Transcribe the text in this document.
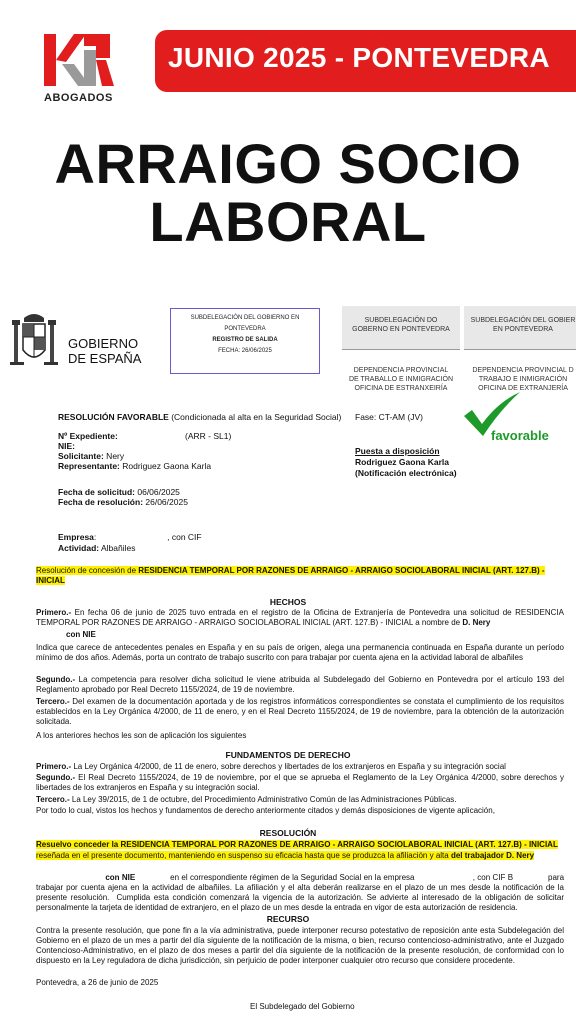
ABOGADOS
JUNIO 2025 - PONTEVEDRA
ARRAIGO SOCIO
LABORAL
GOBIERNO
DE ESPAÑA
SUBDELEGACIÓN DEL GOBIERNO EN
PONTEVEDRA
REGISTRO DE SALIDA
FECHA: 26/06/2025
SUBDELEGACIÓN DO
GOBERNO EN PONTEVEDRA
DEPENDENCIA PROVINCIAL
DE TRABALLO E INMIGRACIÓN
OFICINA DE ESTRANXEIRÍA
SUBDELEGACIÓN DEL GOBIER
EN PONTEVEDRA
DEPENDENCIA PROVINCIAL D
TRABAJO E INMIGRACIÓN
OFICINA DE EXTRANJERÍA
RESOLUCIÓN FAVORABLE (Condicionada al alta en la Seguridad Social) Fase: CT-AM (JV)
favorable
Nº Expediente:	(ARR - SL1)
NIE:
Solicitante: Nery
Representante: Rodriguez Gaona Karla
Puesta a disposición
Rodriguez Gaona Karla
(Notificación electrónica)
Fecha de solicitud: 06/06/2025
Fecha de resolución: 26/06/2025
Empresa:                              , con CIF
Actividad: Albañiles
Resolución de concesión de RESIDENCIA TEMPORAL POR RAZONES DE ARRAIGO - ARRAIGO SOCIOLABORAL INICIAL (ART. 127.B) - INICIAL
HECHOS
Primero.- En fecha 06 de junio de 2025 tuvo entrada en el registro de la Oficina de Extranjería de Pontevedra una solicitud de RESIDENCIA TEMPORAL POR RAZONES DE ARRAIGO - ARRAIGO SOCIOLABORAL INICIAL (ART. 127.B) - INICIAL a nombre de D. Nery
con NIE
Indica que carece de antecedentes penales en España y en su país de origen, alega una permanencia continuada en España durante un período mínimo de dos años. Además, porta un contrato de trabajo suscrito con para trabajar por cuenta ajena en la actividad laboral de albañiles
Segundo.- La competencia para resolver dicha solicitud le viene atribuida al Subdelegado del Gobierno en Pontevedra por el artículo 193 del Reglamento aprobado por Real Decreto 1155/2024, de 19 de noviembre.
Tercero.- Del examen de la documentación aportada y de los registros informáticos correspondientes se constata el cumplimiento de los requisitos establecidos en la Ley Orgánica 4/2000, de 11 de enero, y en el Real Decreto 1155/2024, de 19 de noviembre, para la obtención de la autorización solicitada.
A los anteriores hechos les son de aplicación los siguientes
FUNDAMENTOS DE DERECHO
Primero.- La Ley Orgánica 4/2000, de 11 de enero, sobre derechos y libertades de los extranjeros en España y su integración social
Segundo.- El Real Decreto 1155/2024, de 19 de noviembre, por el que se aprueba el Reglamento de la Ley Orgánica 4/2000, sobre derechos y libertades de los extranjeros en España y su integración social.
Tercero.- La Ley 39/2015, de 1 de octubre, del Procedimiento Administrativo Común de las Administraciones Públicas.
Por todo lo cual, vistos los hechos y fundamentos de derecho anteriormente citados y demás disposiciones de vigente aplicación,
RESOLUCIÓN
Resuelvo conceder la RESIDENCIA TEMPORAL POR RAZONES DE ARRAIGO - ARRAIGO SOCIOLABORAL INICIAL (ART. 127.B) - INICIAL
reseñada en el presente documento, manteniendo en suspenso su eficacia hasta que se produzca la afiliación y alta del trabajador D. Nery

con NIE               en el correspondiente régimen de la Seguridad Social en la empresa                         , con CIF B               para trabajar por cuenta ajena en la actividad de albañiles. La afiliación y el alta deberán realizarse en el plazo de un mes desde la notificación de la presente resolución.  Cumplida esta condición comenzará la vigencia de la autorización. Se advierte al interesado de la obligación de solicitar personalmente la tarjeta de identidad de extranjero, en el plazo de un mes desde la entrada en vigor de esta autorización de residencia.

RECURSO
Contra la presente resolución, que pone fin a la vía administrativa, puede interponer recurso potestativo de reposición ante esta Subdelegación del Gobierno en el plazo de un mes a partir del día siguiente de la notificación de la misma, o bien, recurso contencioso-administrativo, ante el Juzgado Contencioso-Administrativo, en el plazo de dos meses a partir del día siguiente de la notificación de la presente resolución, de conformidad con lo dispuesto en la Ley reguladora de dicha jurisdicción, sin perjuicio de poder interponer cualquier otro recurso que considere procedente.
Pontevedra, a 26 de junio de 2025
El Subdelegado del Gobierno
